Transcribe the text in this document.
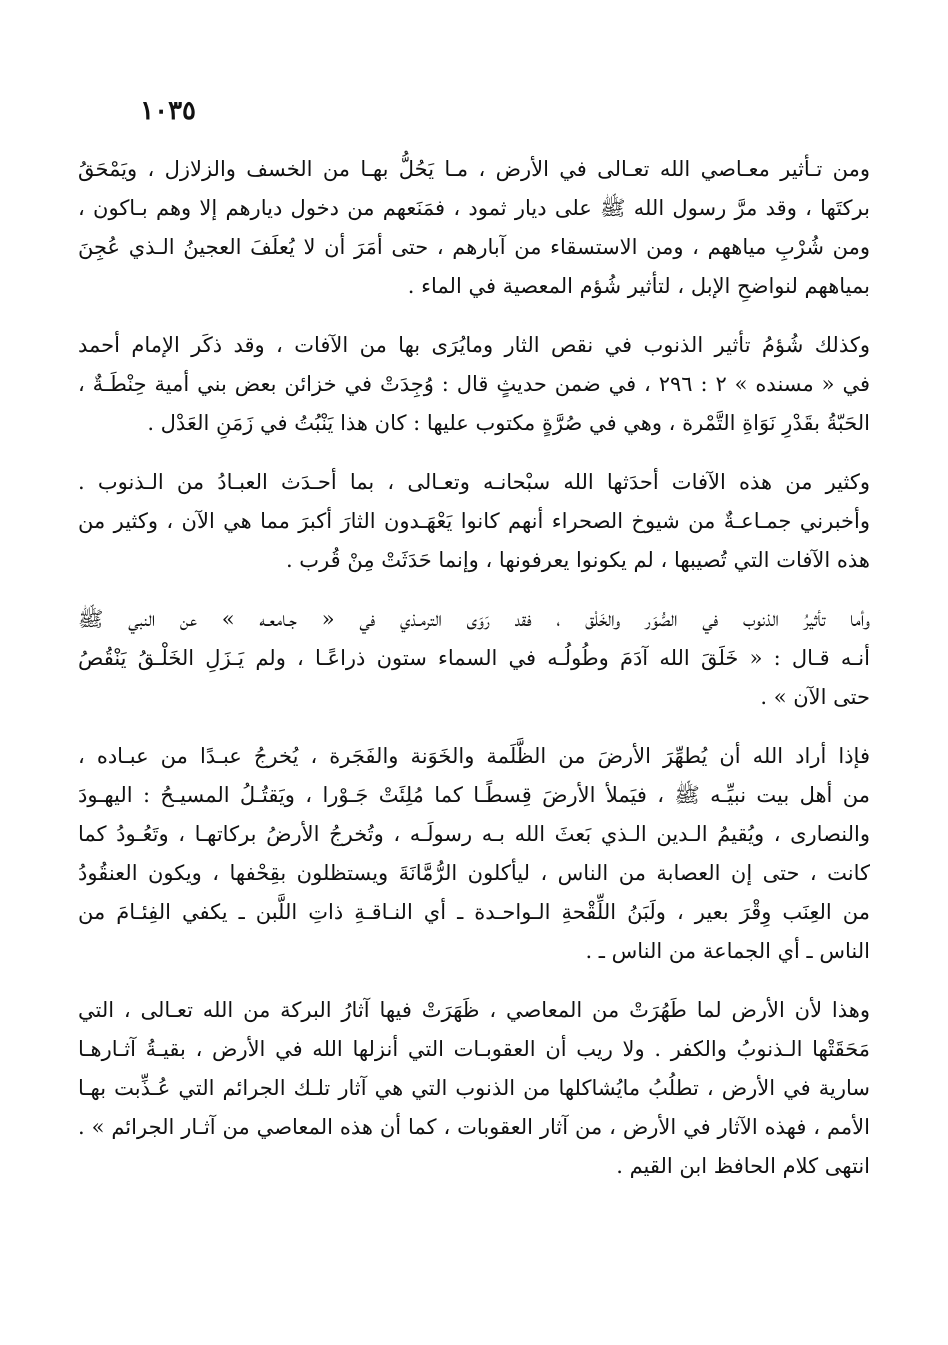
١٠٣٥
ومن تـأثير معـاصي الله تعـالى في الأرض ، مـا يَحُلُّ بهـا من الخسف والزلازل ، ويَمْحَقُ
بركتَها ، وقد مرَّ رسول الله ﷺ على ديار ثمود ، فمَنَعهم من دخول ديارهم إلا وهم بـاكون ،
ومن شُرْبِ مياههم ، ومن الاستسقاء من آبارهم ، حتى أمَرَ أن لا يُعلَفَ العجينُ الـذي عُجِنَ
بمياههم لنواضحِ الإبل ، لتأثير شُؤم المعصية في الماء .
وكذلك شُؤمُ تأثير الذنوب في نقص الثار ومايُرَى بها من الآفات ، وقد ذكَر الإمام أحمد
في « مسنده » ٢ : ٢٩٦ ، في ضمن حديثٍ قال : وُجِدَتْ في خزائن بعض بني أمية حِنْطَـةٌ ،
الحَبّةُ بقَدْرِ نَوَاةِ التَّمْرة ، وهي في صُرَّةٍ مكتوب عليها : كان هذا يَنْبُتُ في زَمَنِ العَدْل .
وكثير من هذه الآفات أحدَثها الله سبْحانـه وتعـالى ، بما أحـدَث العبـادُ من الـذنوب .
وأخبرني جمـاعـةٌ من شيوخ الصحراء أنهم كانوا يَعْهَـدون الثارَ أكبرَ مما هي الآن ، وكثير من
هذه الآفات التي تُصيبها ، لم يكونوا يعرفونها ، وإنما حَدَثَتْ مِنْ قُرب .
وأما تأثيرُ الذنوب في الصُّوَر والخَلْق ، فقد رَوَى الترمـذي في « جـامعـه » عن النبي ﷺ
أنـه قـال : « خَلَقَ الله آدَمَ وطُولُـه في السماء ستون ذراعًـا ، ولم يَـزَلِ الخَلْـقُ يَنْقُصُ
حتى الآن » .
فإذا أراد الله أن يُطهِّرَ الأرضَ من الظَّلَمة والخَوَنة والفَجَرة ، يُخرجُ عبـدًا من عبـاده ،
من أهل بيت نبيِّـه ﷺ ، فيَملأ الأرضَ قِسطًـا كما مُلِئَتْ جَـوْرا ، ويَقتُـلُ المسيـحُ : اليهـودَ
والنصارى ، ويُقيمُ الـدين الـذي بَعثَ الله بـه رسولَـه ، وتُخرجُ الأرضُ بركاتهـا ، وتَعُـودُ كما
كانت ، حتى إن العصابة من الناس ، ليأكلون الرُّمَّانَةَ ويستظلون بقِحْفها ، ويكون العنقُودُ
من العِنَب وِقْرَ بعير ، ولَبَنُ اللِّقْحةِ الـواحـدة ـ أي النـاقـةِ ذاتِ اللَّبن ـ يكفي الفِئـامَ من
الناس ـ أي الجماعة من الناس ـ .
وهذا لأن الأرض لما طَهُرَتْ من المعاصي ، ظَهَرَتْ فيها آثارُ البركة من الله تعـالى ، التي
مَحَقَتْها الـذنوبُ والكفر . ولا ريب أن العقوبـات التي أنزلها الله في الأرض ، بقيـةُ آثـارهـا
سارية في الأرض ، تطلُبُ مايُشاكلها من الذنوب التي هي آثار تلـك الجرائم التي عُـذِّبت بهـا
الأمم ، فهذه الآثار في الأرض ، من آثار العقوبات ، كما أن هذه المعاصي من آثـار الجرائم » .
انتهى كلام الحافظ ابن القيم .
